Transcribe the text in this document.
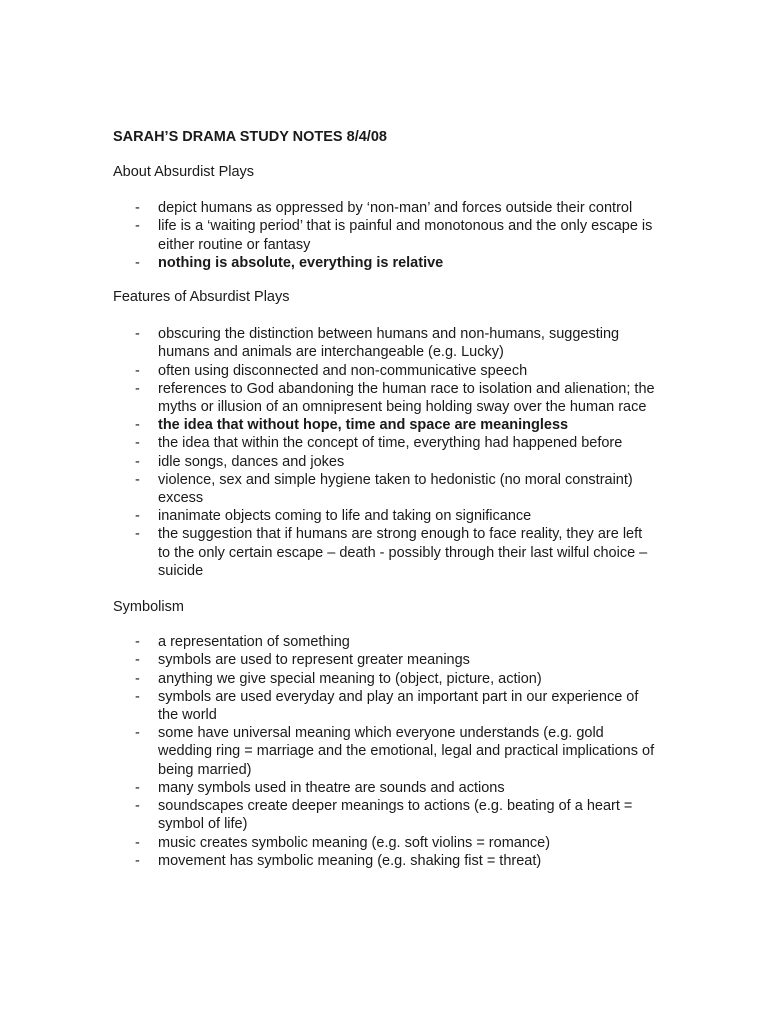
SARAH’S DRAMA STUDY NOTES 8/4/08

About Absurdist Plays

- depict humans as oppressed by ‘non-man’ and forces outside their control
- life is a ‘waiting period’ that is painful and monotonous and the only escape is either routine or fantasy
- nothing is absolute, everything is relative

Features of Absurdist Plays

- obscuring the distinction between humans and non-humans, suggesting humans and animals are interchangeable (e.g. Lucky)
- often using disconnected and non-communicative speech
- references to God abandoning the human race to isolation and alienation; the myths or illusion of an omnipresent being holding sway over the human race
- the idea that without hope, time and space are meaningless
- the idea that within the concept of time, everything had happened before
- idle songs, dances and jokes
- violence, sex and simple hygiene taken to hedonistic (no moral constraint) excess
- inanimate objects coming to life and taking on significance
- the suggestion that if humans are strong enough to face reality, they are left to the only certain escape – death - possibly through their last wilful choice – suicide

Symbolism

- a representation of something
- symbols are used to represent greater meanings
- anything we give special meaning to (object, picture, action)
- symbols are used everyday and play an important part in our experience of the world
- some have universal meaning which everyone understands (e.g. gold wedding ring = marriage and the emotional, legal and practical implications of being married)
- many symbols used in theatre are sounds and actions
- soundscapes create deeper meanings to actions (e.g. beating of a heart = symbol of life)
- music creates symbolic meaning (e.g. soft violins = romance)
- movement has symbolic meaning (e.g. shaking fist = threat)
